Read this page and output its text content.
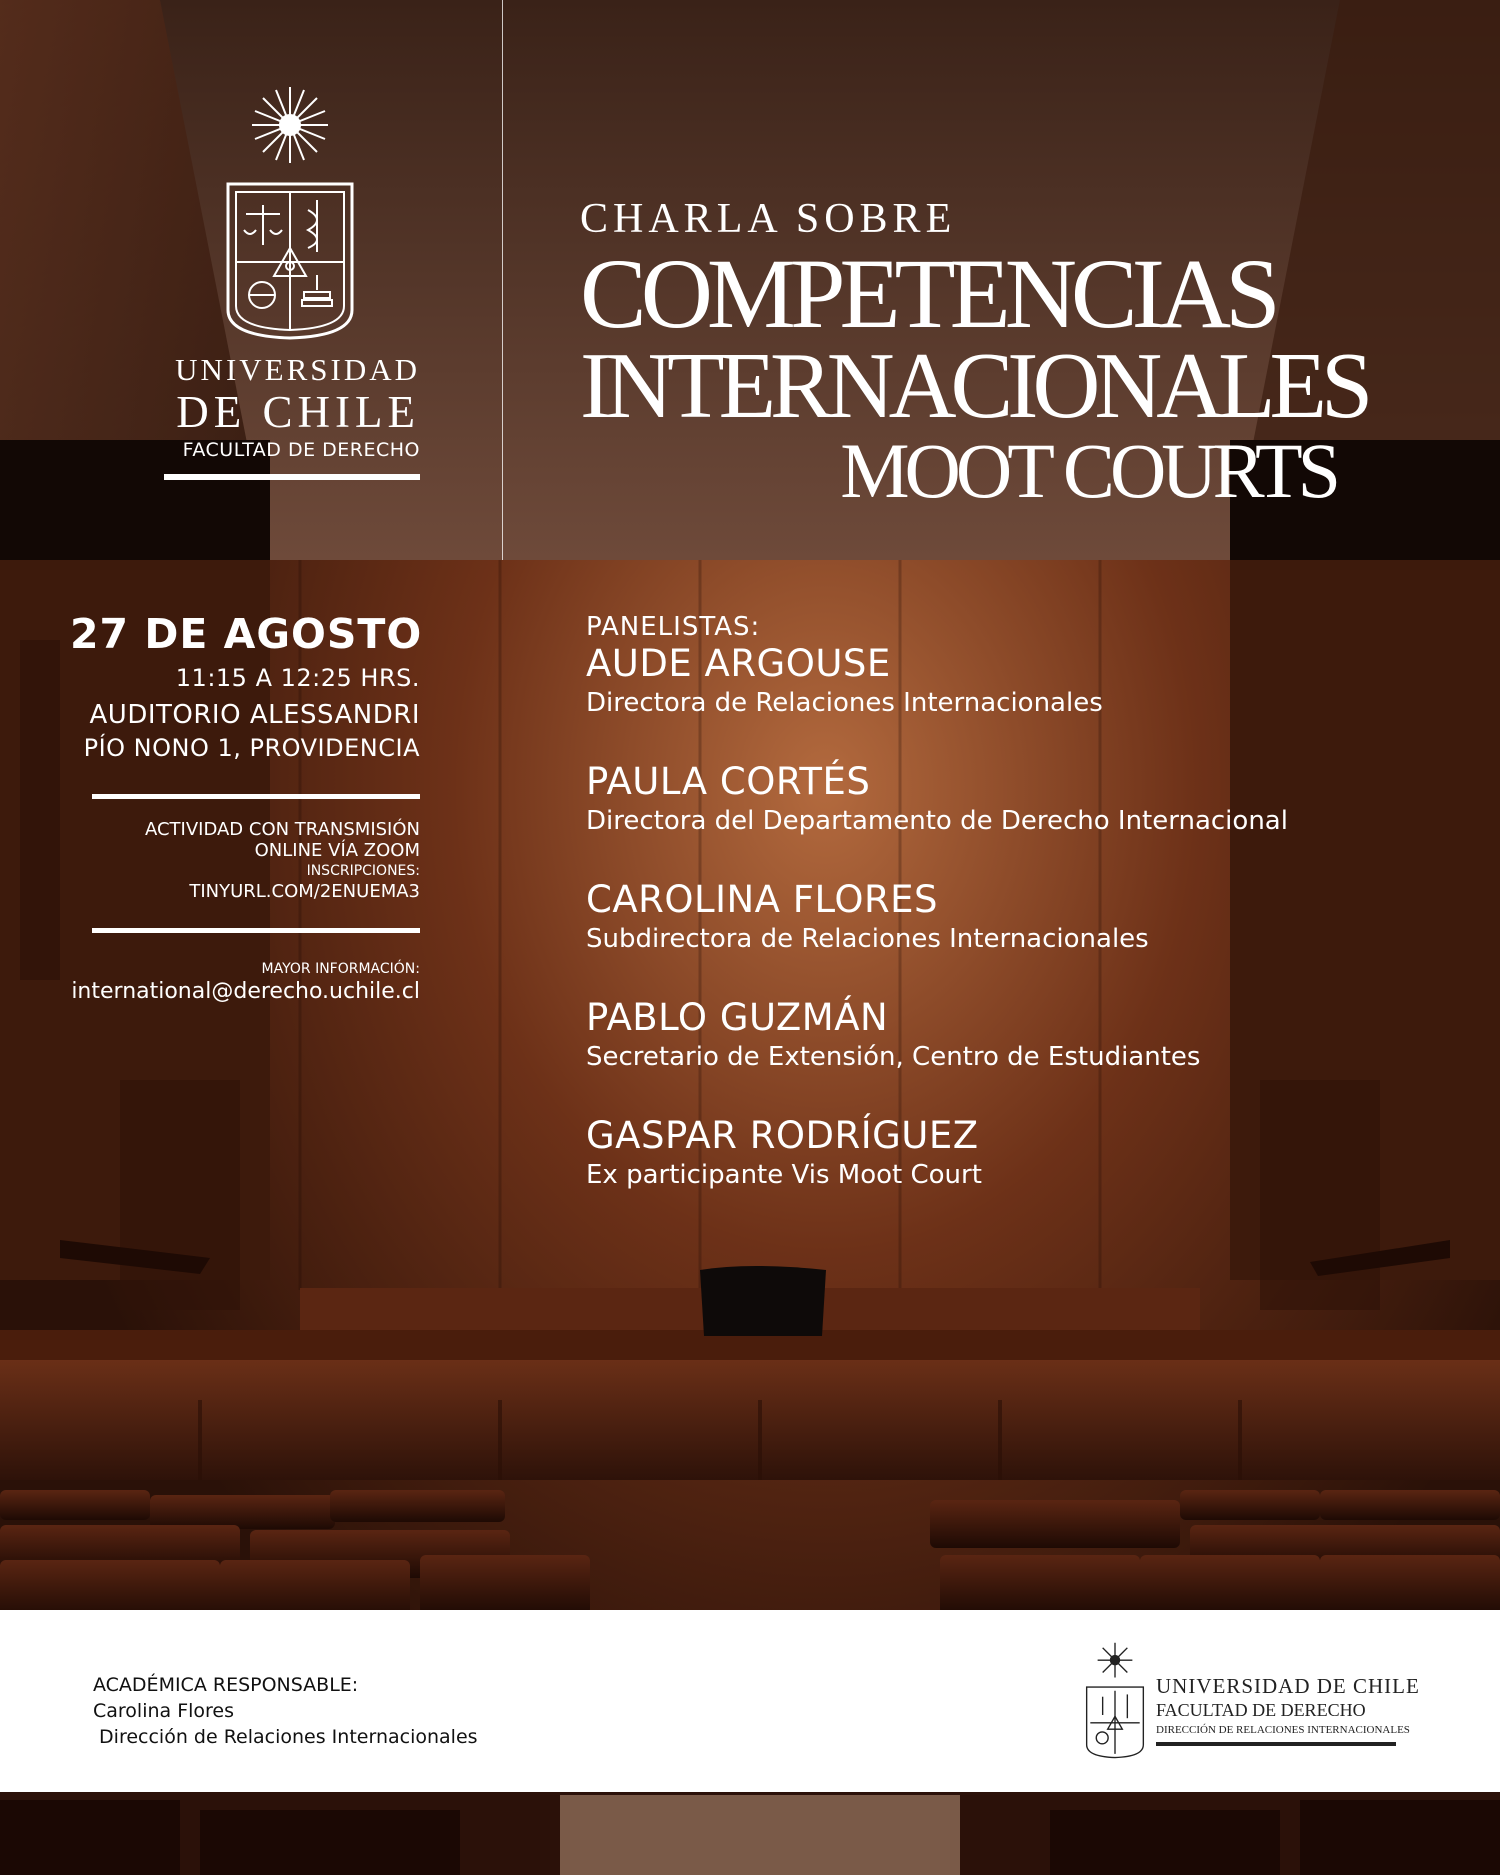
UNIVERSIDAD
DE CHILE
FACULTAD DE DERECHO
CHARLA SOBRE
COMPETENCIAS
INTERNACIONALES
MOOT COURTS
27 DE AGOSTO
11:15 A 12:25 HRS.
AUDITORIO ALESSANDRI
PÍO NONO 1, PROVIDENCIA
ACTIVIDAD CON TRANSMISIÓN
ONLINE VÍA ZOOM
INSCRIPCIONES:
TINYURL.COM/2ENUEMA3
MAYOR INFORMACIÓN:
international@derecho.uchile.cl
PANELISTAS:
AUDE ARGOUSE
Directora de Relaciones Internacionales
PAULA CORTÉS
Directora del Departamento de Derecho Internacional
CAROLINA FLORES
Subdirectora de Relaciones Internacionales
PABLO GUZMÁN
Secretario de Extensión, Centro de Estudiantes
GASPAR RODRÍGUEZ
Ex participante Vis Moot Court
ACADÉMICA RESPONSABLE:
Carolina Flores
Dirección de Relaciones Internacionales
UNIVERSIDAD DE CHILE
FACULTAD DE DERECHO
DIRECCIÓN DE RELACIONES INTERNACIONALES
